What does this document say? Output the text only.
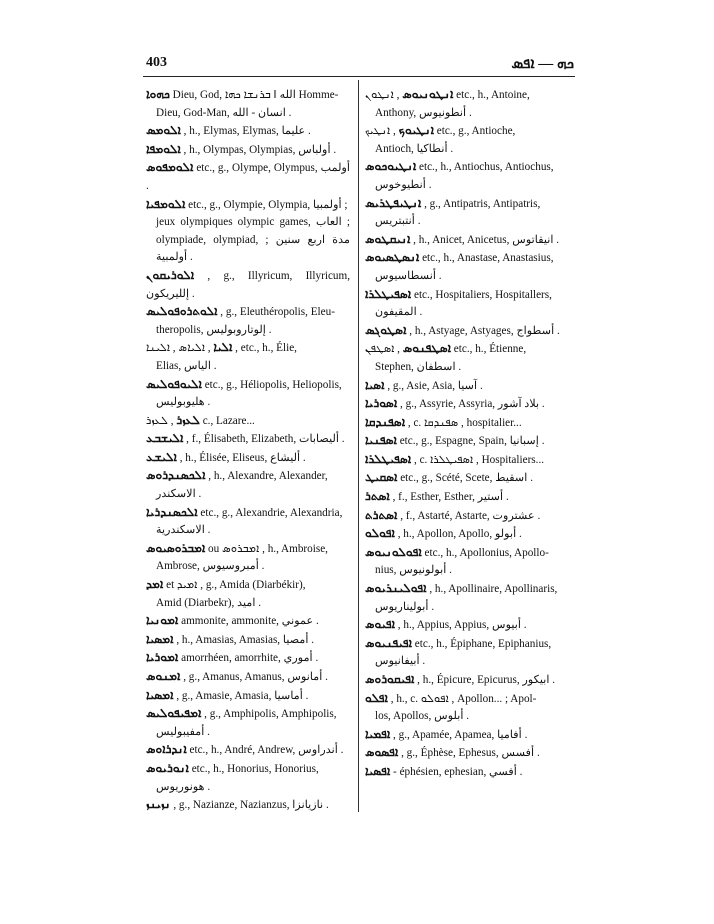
403	ܟܗ — ܐܦܣ
ܟܗܘܐ Dieu, God, الله ‖ ܒܪܢܫܐ ܟܗܐ Homme-
Dieu, God-Man, انسان - الله .
ܐܠܘܡܣ , h., Elymas, Elymas, عليما .
ܐܠܘܡܦܐ , h., Olympas, Olympias, أولباس .
ܐܠܘܡܦܘܣ etc., g., Olympe, Olympus, أولمب .
ܐܠܘܡܦܝܐ etc., g., Olympie, Olympia, أولمبيا ;
jeux olympiques olympic games, العاب ; olympiade, olympiad, مدة اربع سنين ; أولمبية .
ܐܠܘܪܝܩܘܢ , g., Illyricum, Illyricum, إلليريكون .
ܐܠܘܬܪܘܦܘܠܝܣ , g., Eleuthéropolis, Eleu-
theropolis, إلوتاروبوليس .
ܐܠܝܐ , ܐܠܝܐܣ , ܐܠܝܢܐ , etc., h., Élie,
Elias, الياس .
ܐܠܝܘܦܘܠܝܣ etc., g., Héliopolis, Heliopolis,
هليوبوليس .
ܠܥܙܪ , ܠܥܙܪ c., Lazare...
ܐܠܝܫܒܥ , f., Élisabeth, Elizabeth, أليصابات .
ܐܠܝܫܥ , h., Élisée, Eliseus, أليشاع .
ܐܠܟܣܢܕܪܘܣ , h., Alexandre, Alexander,
الاسكندر .
ܐܠܟܣܢܕܪܝܐ etc., g., Alexandrie, Alexandria,
الاسكندرية .
ܐܡܒܪܘܣܝܘܣ ou ܐܡܒܪܘܣ , h., Ambroise,
Ambrose, أمبروسيوس .
ܐܡܕ et ܐܡܝܕ , g., Amida (Diarbékir),
Amid (Diarbekr), اميد .
ܐܡܘܢܝܐ ammonite, ammonite, عموني .
ܐܡܣܝܐ , h., Amasias, Amasias, أمصيا .
ܐܡܘܪܝܐ amorrhéen, amorrhite, أموري .
ܐܡܢܘܣ , g., Amanus, Amanus, أمانوس .
ܐܡܣܝܐ , g., Amasie, Amasia, أماسيا .
ܐܡܦܝܦܘܠܝܣ , g., Amphipolis, Amphipolis,
أمفيبوليس .
ܐܢܕܪܐܘܣ etc., h., André, Andrew, أندراوس .
ܐܢܘܪܝܘܣ etc., h., Honorius, Honorius,
هونوريوس .
ܢܙܝܢܙ , g., Nazianze, Nazianzus, نازيانزا .
ܐܢܛܘܢܝܘܣ , ܐܢܛܘܢ etc., h., Antoine,
Anthony, أنطونيوس .
ܐܢܛܝܘܟ , ܐܢܛܝܟ etc., g., Antioche,
Antioch, أنطاكيا .
ܐܢܛܝܘܟܘܣ etc., h., Antiochus, Antiochus,
أنطيوخوس .
ܐܢܛܝܦܛܪܝܣ , g., Antipatris, Antipatris,
أنتبتريس .
ܐܢܝܩܛܘܣ , h., Anicet, Anicetus, انيقاتوس .
ܐܢܣܛܣܝܘܣ etc., h., Anastase, Anastasius,
أنسطاسيوس .
ܐܣܦܝܛܠܪܐ etc., Hospitaliers, Hospitallers,
المقيفون .
ܐܣܛܘܓܣ , h., Astyage, Astyages, أسطواج .
ܐܣܛܦܢܘܣ , ܐܣܛܦܢ etc., h., Étienne,
Stephen, اسطفان .
ܐܣܝܐ , g., Asie, Asia, آسيا .
ܐܣܘܪܝܐ , g., Assyrie, Assyria, بلاد آشور .
ܐܣܦܢܕܩܐ , c. ܣܦܢܕܩܐ , hospitalier...
ܐܣܦܢܝܐ etc., g., Espagne, Spain, إسبانيا .
ܐܣܦܝܛܠܪܐ , c. ܐܣܦܝܛܠܪܐ , Hospitaliers...
ܐܣܩܝܛ etc., g., Scété, Scete, اسقيط .
ܐܣܬܪ , f., Esther, Esther, أستير .
ܐܣܬܪܬ , f., Astarté, Astarte, عشتروت .
ܐܦܘܠܘ , h., Apollon, Apollo, أبولو .
ܐܦܘܠܘܢܝܘܣ etc., h., Apollonius, Apollo-
nius, أبولونيوس .
ܐܦܘܠܝܢܪܝܘܣ , h., Apollinaire, Apollinaris,
أبوليناريوس .
ܐܦܝܘܣ , h., Appius, Appius, أبيوس .
ܐܦܝܦܢܝܘܣ etc., h., Épiphane, Epiphanius,
أبيفانيوس .
ܐܦܝܩܘܪܘܣ , h., Épicure, Epicurus, ابيكور .
ܐܦܠܘ , h., c. ܐܦܘܠܘ , Apollon... ; Apol-
los, Apollos, أبلوس .
ܐܦܡܝܐ , g., Apamée, Apamea, أفاميا .
ܐܦܣܘܣ , g., Éphèse, Ephesus, أفسس .
ܐܦܣܝܐ - éphésien, ephesian, أفسي .
